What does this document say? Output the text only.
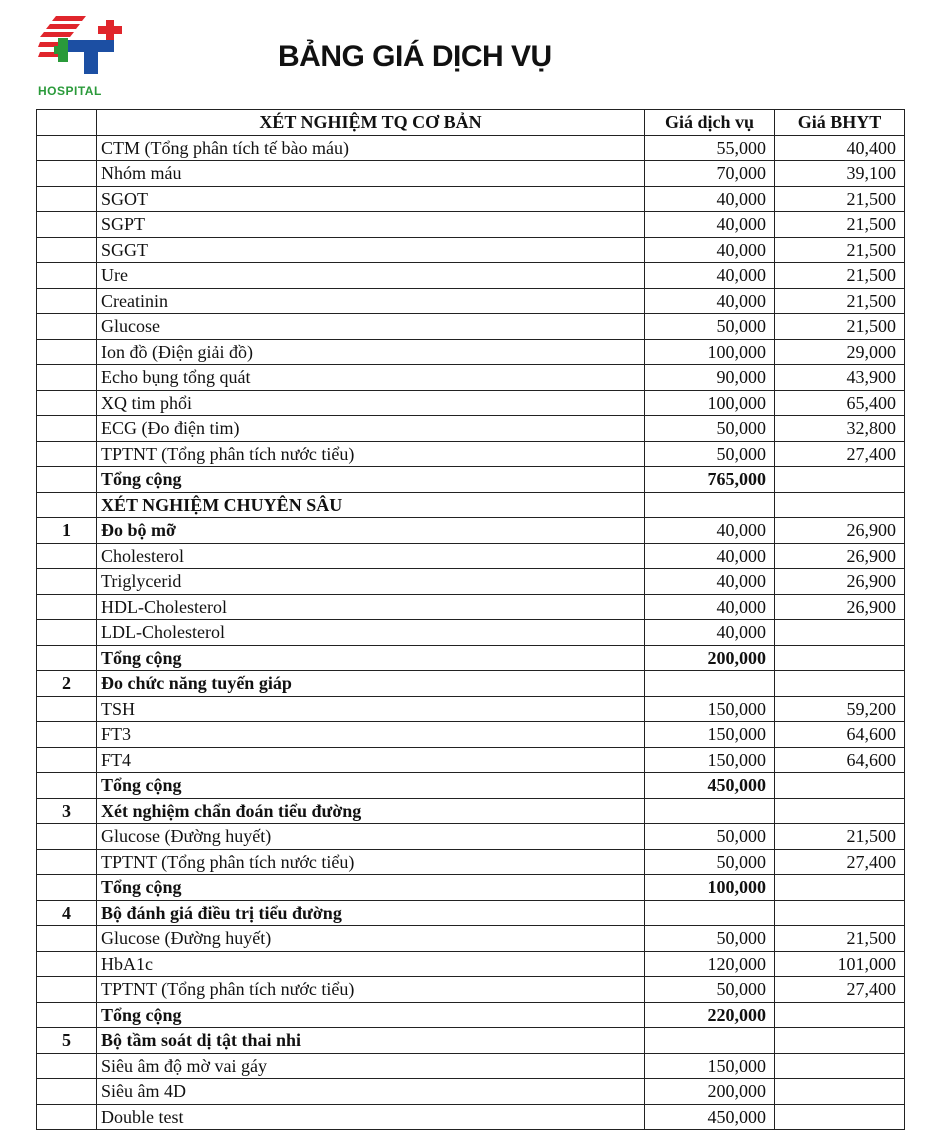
HOSPITAL
BẢNG GIÁ DỊCH VỤ
	XÉT NGHIỆM TQ CƠ BẢN	Giá dịch vụ	Giá BHYT
	CTM (Tổng phân tích tế bào máu)	55,000	40,400
	Nhóm máu	70,000	39,100
	SGOT	40,000	21,500
	SGPT	40,000	21,500
	SGGT	40,000	21,500
	Ure	40,000	21,500
	Creatinin	40,000	21,500
	Glucose	50,000	21,500
	Ion đồ (Điện giải đồ)	100,000	29,000
	Echo bụng tổng quát	90,000	43,900
	XQ tim phổi	100,000	65,400
	ECG (Đo điện tim)	50,000	32,800
	TPTNT (Tổng phân tích nước tiểu)	50,000	27,400
	Tổng cộng	765,000	
	XÉT NGHIỆM CHUYÊN SÂU		
1	Đo bộ mỡ	40,000	26,900
	Cholesterol	40,000	26,900
	Triglycerid	40,000	26,900
	HDL-Cholesterol	40,000	26,900
	LDL-Cholesterol	40,000	
	Tổng cộng	200,000	
2	Đo chức năng tuyến giáp		
	TSH	150,000	59,200
	FT3	150,000	64,600
	FT4	150,000	64,600
	Tổng cộng	450,000	
3	Xét nghiệm chẩn đoán tiểu đường		
	Glucose (Đường huyết)	50,000	21,500
	TPTNT (Tổng phân tích nước tiểu)	50,000	27,400
	Tổng cộng	100,000	
4	Bộ đánh giá điều trị tiểu đường		
	Glucose (Đường huyết)	50,000	21,500
	HbA1c	120,000	101,000
	TPTNT (Tổng phân tích nước tiểu)	50,000	27,400
	Tổng cộng	220,000	
5	Bộ tầm soát dị tật thai nhi		
	Siêu âm độ mờ vai gáy	150,000	
	Siêu âm 4D	200,000	
	Double test	450,000	
